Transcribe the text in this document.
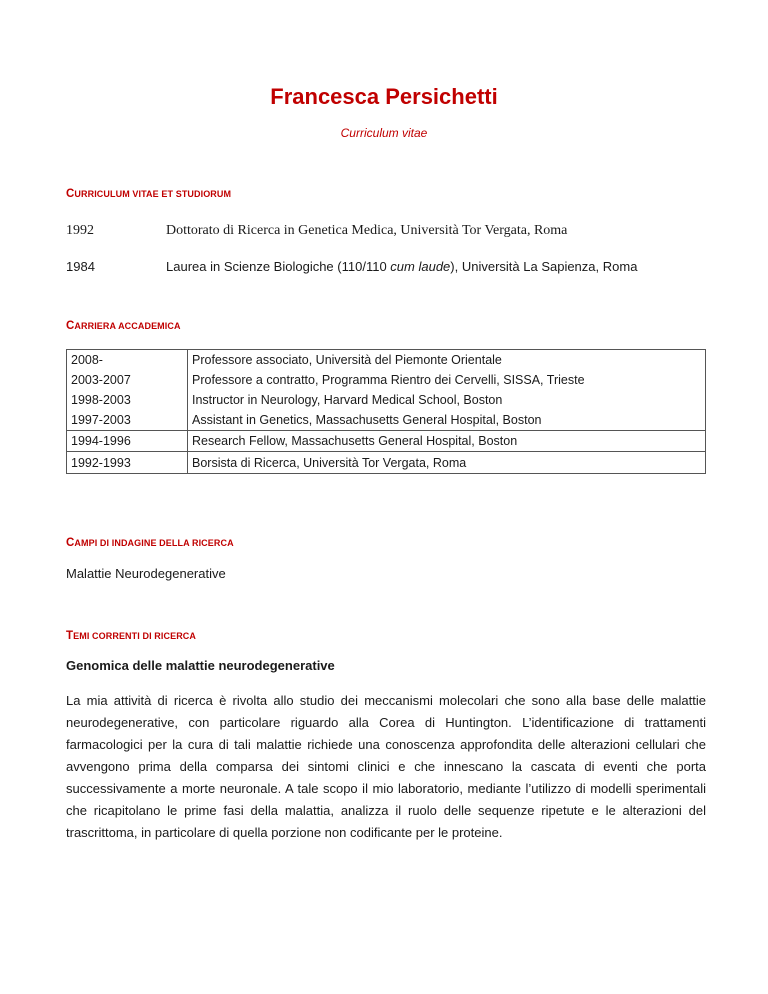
Francesca Persichetti
Curriculum vitae
CURRICULUM VITAE ET STUDIORUM
1992	Dottorato di Ricerca in Genetica Medica, Università Tor Vergata, Roma
1984	Laurea in Scienze Biologiche (110/110 cum laude), Università La Sapienza, Roma
CARRIERA ACCADEMICA
2008-	Professore associato, Università del Piemonte Orientale
2003-2007	Professore a contratto, Programma Rientro dei Cervelli, SISSA, Trieste
1998-2003	Instructor in Neurology, Harvard Medical School, Boston
1997-2003	Assistant in Genetics, Massachusetts General Hospital, Boston
1994-1996	Research Fellow, Massachusetts General Hospital, Boston
1992-1993	Borsista di Ricerca, Università Tor Vergata, Roma
CAMPI DI INDAGINE DELLA RICERCA
Malattie Neurodegenerative
TEMI CORRENTI DI RICERCA
Genomica delle malattie neurodegenerative
La mia attività di ricerca è rivolta allo studio dei meccanismi molecolari che sono alla base delle malattie neurodegenerative, con particolare riguardo alla Corea di Huntington. L’identificazione di trattamenti farmacologici per la cura di tali malattie richiede una conoscenza approfondita delle alterazioni cellulari che avvengono prima della comparsa dei sintomi clinici e che innescano la cascata di eventi che porta successivamente a morte neuronale. A tale scopo il mio laboratorio, mediante l’utilizzo di modelli sperimentali che ricapitolano le prime fasi della malattia, analizza il ruolo delle sequenze ripetute e le alterazioni del trascrittoma, in particolare di quella porzione non codificante per le proteine.
